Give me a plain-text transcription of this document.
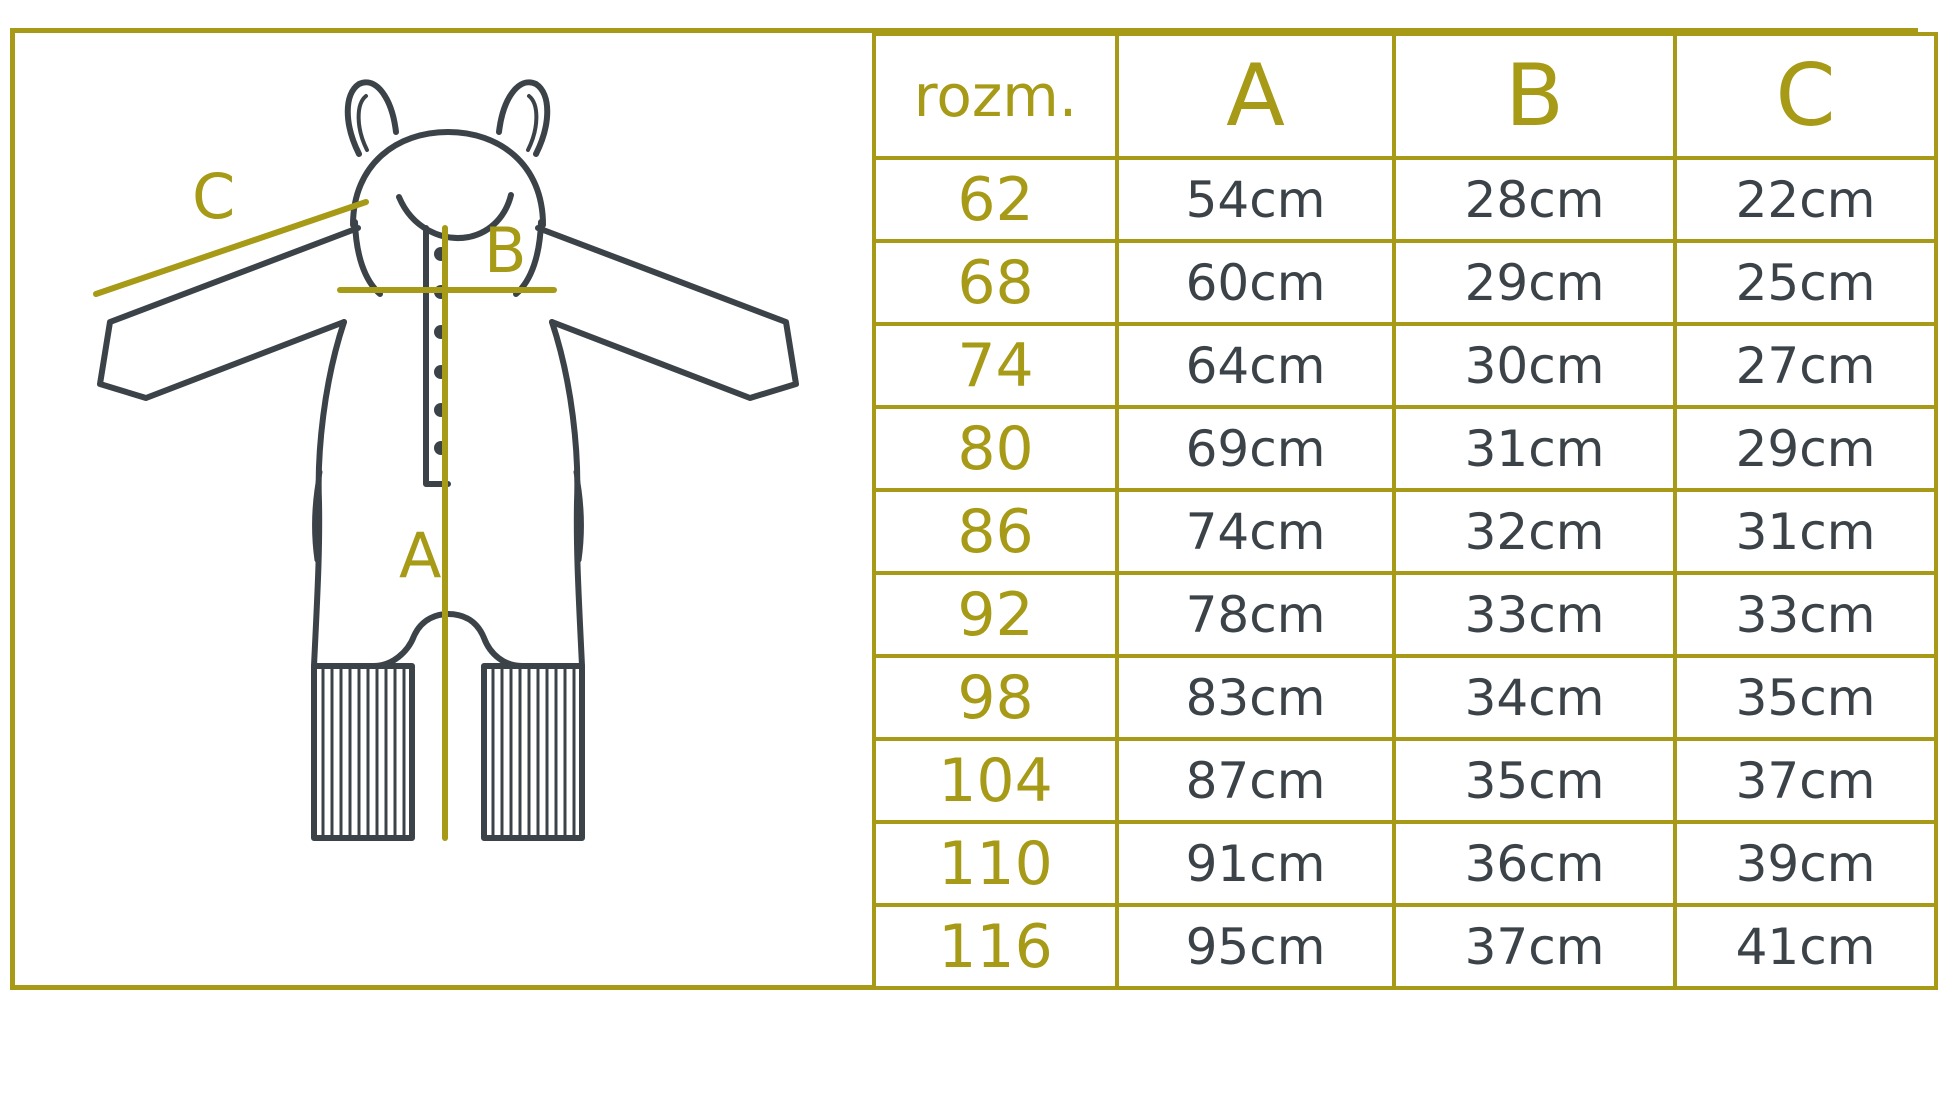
A
B
C
rozm.	A	B	C
62	54cm	28cm	22cm
68	60cm	29cm	25cm
74	64cm	30cm	27cm
80	69cm	31cm	29cm
86	74cm	32cm	31cm
92	78cm	33cm	33cm
98	83cm	34cm	35cm
104	87cm	35cm	37cm
110	91cm	36cm	39cm
116	95cm	37cm	41cm
